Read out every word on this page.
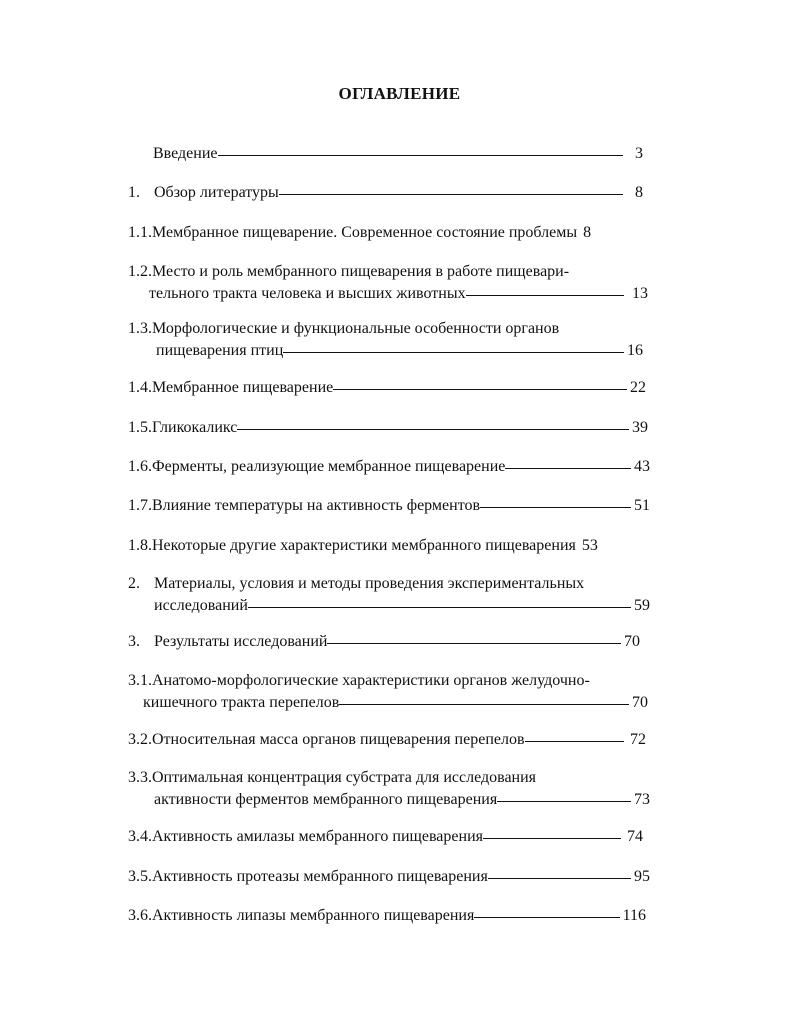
ОГЛАВЛЕНИЕ
Введение	3
1. Обзор литературы	8
1.1. Мембранное пищеварение. Современное состояние проблемы 8
1.2. Место и роль мембранного пищеварения в работе пищевари-
тельного тракта человека и высших животных	13
1.3. Морфологические и функциональные особенности органов
пищеварения птиц	16
1.4. Мембранное пищеварение	22
1.5. Гликокаликс	39
1.6. Ферменты, реализующие мембранное пищеварение	43
1.7. Влияние температуры на активность ферментов	51
1.8. Некоторые другие характеристики мембранного пищеварения 53
2. Материалы, условия и методы проведения экспериментальных
исследований	59
3. Результаты исследований	70
3.1. Анатомо-морфологические характеристики органов желудочно-
кишечного тракта перепелов	70
3.2. Относительная масса органов пищеварения перепелов	72
3.3. Оптимальная концентрация субстрата для исследования
активности ферментов мембранного пищеварения	73
3.4. Активность амилазы мембранного пищеварения	74
3.5. Активность протеазы мембранного пищеварения	95
3.6. Активность липазы мембранного пищеварения	116
